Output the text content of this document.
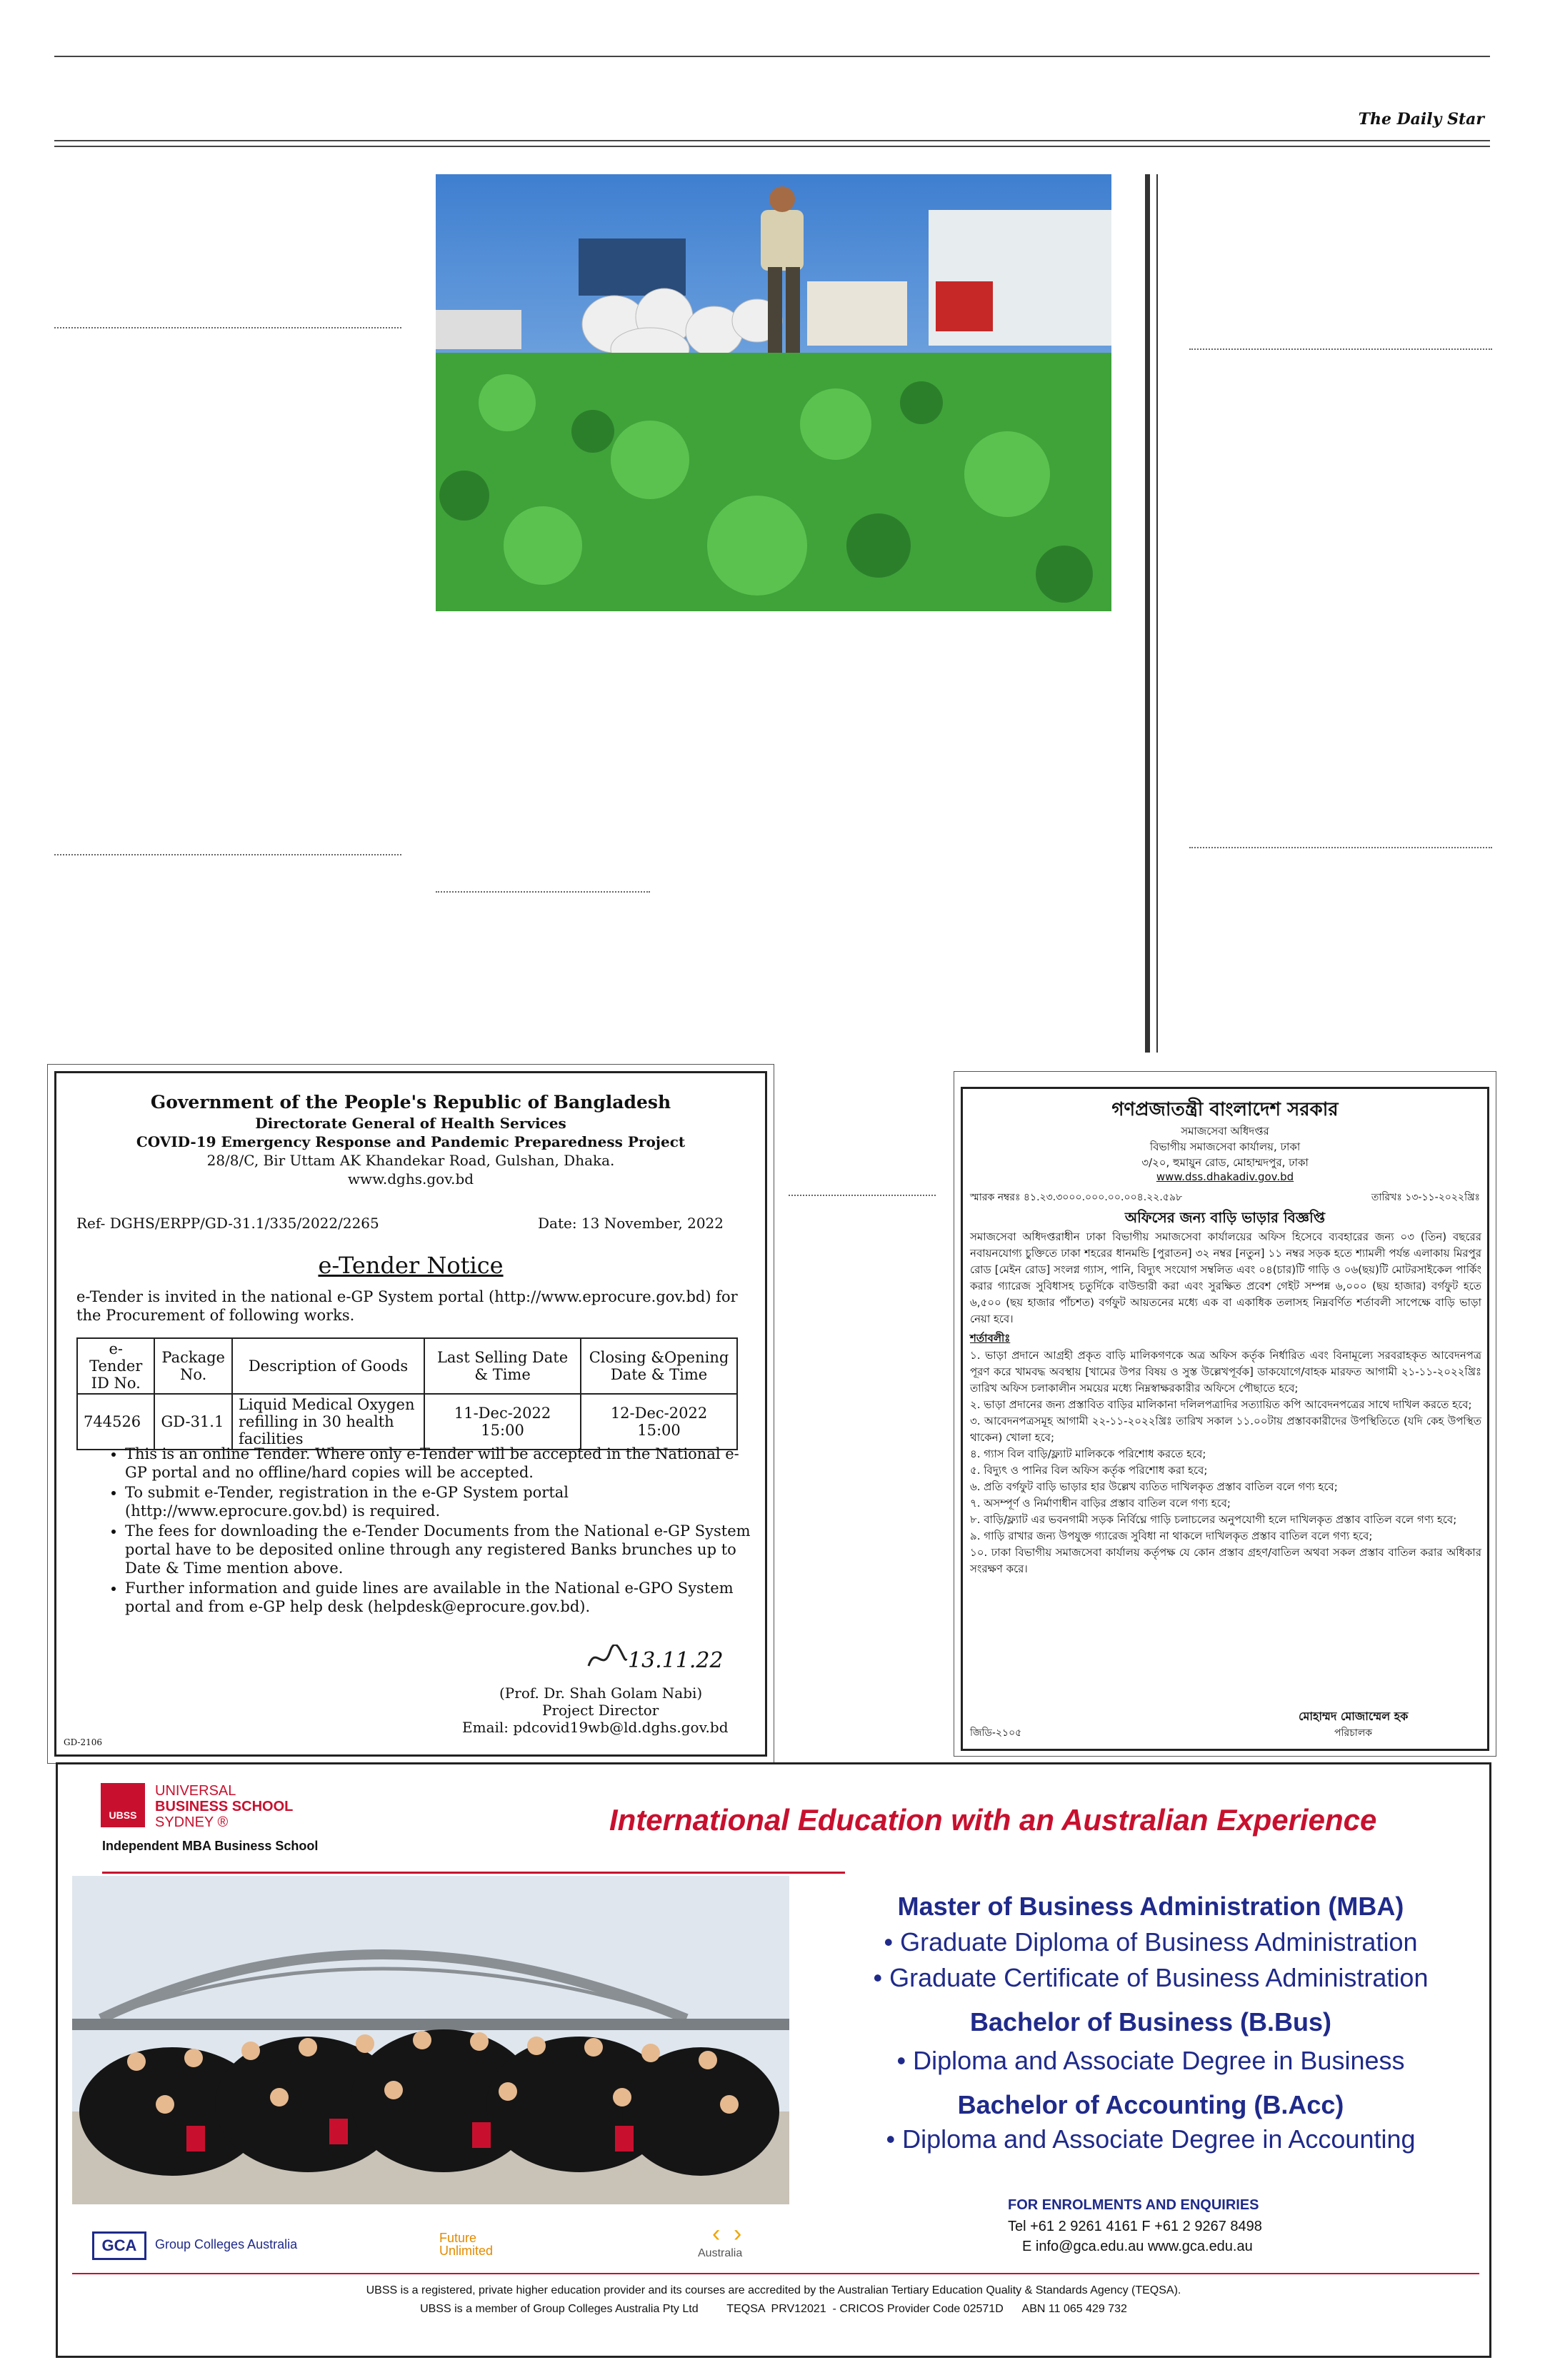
The Daily Star
Government of the People's Republic of Bangladesh
Directorate General of Health Services
COVID-19 Emergency Response and Pandemic Preparedness Project
28/8/C, Bir Uttam AK Khandekar Road, Gulshan, Dhaka.
www.dghs.gov.bd
Ref- DGHS/ERPP/GD-31.1/335/2022/2265	Date: 13 November, 2022
e-Tender Notice
e-Tender is invited in the national e-GP System portal (http://www.eprocure.gov.bd) for the Procurement of following works.
e-Tender ID No.	Package No.	Description of Goods	Last Selling Date & Time	Closing &Opening Date & Time
744526	GD-31.1	Liquid Medical Oxygen refilling in 30 health facilities	11-Dec-2022 15:00	12-Dec-2022 15:00
• This is an online Tender. Where only e-Tender will be accepted in the National e-GP portal and no offline/hard copies will be accepted.
• To submit e-Tender, registration in the e-GP System portal (http://www.eprocure.gov.bd) is required.
• The fees for downloading the e-Tender Documents from the National e-GP System portal have to be deposited online through any registered Banks brunches up to Date & Time mention above.
• Further information and guide lines are available in the National e-GPO System portal and from e-GP help desk (helpdesk@eprocure.gov.bd).
13.11.22
(Prof. Dr. Shah Golam Nabi)
Project Director
Email: pdcovid19wb@ld.dghs.gov.bd
GD-2106
গণপ্রজাতন্ত্রী বাংলাদেশ সরকার
সমাজসেবা অধিদপ্তর
বিভাগীয় সমাজসেবা কার্যালয়, ঢাকা
৩/২০, হুমায়ুন রোড, মোহাম্মদপুর, ঢাকা
www.dss.dhakadiv.gov.bd
স্মারক নম্বরঃ ৪১.২৩.৩০০০.০০০.০০.০০৪.২২.৫৯৮	তারিখঃ ১৩-১১-২০২২খ্রিঃ
অফিসের জন্য বাড়ি ভাড়ার বিজ্ঞপ্তি
সমাজসেবা অধিদপ্তরাধীন ঢাকা বিভাগীয় সমাজসেবা কার্যালয়ের অফিস হিসেবে ব্যবহারের জন্য ০৩ (তিন) বছরের নবায়নযোগ্য চুক্তিতে ঢাকা শহরের ধানমন্ডি [পুরাতন] ৩২ নম্বর [নতুন] ১১ নম্বর সড়ক হতে শ্যামলী পর্যন্ত এলাকায় মিরপুর রোড [মেইন রোড] সংলগ্ন গ্যাস, পানি, বিদ্যুৎ সংযোগ সম্বলিত এবং ০৪(চার)টি গাড়ি ও ০৬(ছয়)টি মোটরসাইকেল পার্কিং করার গ্যারেজ সুবিধাসহ চতুর্দিকে বাউন্ডারী করা এবং সুরক্ষিত প্রবেশ গেইট সম্পন্ন ৬,০০০ (ছয় হাজার) বর্গফুট হতে ৬,৫০০ (ছয় হাজার পাঁচশত) বর্গফুট আয়তনের মধ্যে এক বা একাধিক তলাসহ নিম্নবর্ণিত শর্তাবলী সাপেক্ষে বাড়ি ভাড়া নেয়া হবে।
শর্তাবলীঃ
১. ভাড়া প্রদানে আগ্রহী প্রকৃত বাড়ি মালিকগণকে অত্র অফিস কর্তৃক নির্ধারিত এবং বিনামূল্যে সরবরাহকৃত আবেদনপত্র পূরণ করে খামবদ্ধ অবস্থায় [খামের উপর বিষয় ও সুস্ত উল্লেখপূর্বক] ডাকযোগে/বাহক মারফত আগামী ২১-১১-২০২২খ্রিঃ তারিখ অফিস চলাকালীন সময়ের মধ্যে নিম্নস্বাক্ষরকারীর অফিসে পৌছাতে হবে;
২. ভাড়া প্রদানের জন্য প্রস্তাবিত বাড়ির মালিকানা দলিলপত্রাদির সত্যায়িত কপি আবেদনপত্রের সাথে দাখিল করতে হবে;
৩. আবেদনপত্রসমূহ আগামী ২২-১১-২০২২খ্রিঃ তারিখ সকাল ১১.০০টায় প্রস্তাবকারীদের উপস্থিতিতে (যদি কেহ উপস্থিত থাকেন) খোলা হবে;
৪. গ্যাস বিল বাড়ি/ফ্ল্যাট মালিককে পরিশোধ করতে হবে;
৫. বিদ্যুৎ ও পানির বিল অফিস কর্তৃক পরিশোধ করা হবে;
৬. প্রতি বর্গফুট বাড়ি ভাড়ার হার উল্লেখ ব্যতিত দাখিলকৃত প্রস্তাব বাতিল বলে গণ্য হবে;
৭. অসম্পূর্ণ ও নির্মাণাধীন বাড়ির প্রস্তাব বাতিল বলে গণ্য হবে;
৮. বাড়ি/ফ্ল্যাট এর ভবনগামী সড়ক নির্বিঘ্নে গাড়ি চলাচলের অনুপযোগী হলে দাখিলকৃত প্রস্তাব বাতিল বলে গণ্য হবে;
৯. গাড়ি রাখার জন্য উপযুক্ত গ্যারেজ সুবিধা না থাকলে দাখিলকৃত প্রস্তাব বাতিল বলে গণ্য হবে;
১০. ঢাকা বিভাগীয় সমাজসেবা কার্যালয় কর্তৃপক্ষ যে কোন প্রস্তাব গ্রহণ/বাতিল অথবা সকল প্রস্তাব বাতিল করার অধিকার সংরক্ষণ করে।
মোহাম্মদ মোজাম্মেল হক
পরিচালক
জিডি-২১০৫
UBSS
UNIVERSAL
BUSINESS SCHOOL
SYDNEY ®
Independent MBA Business School
International Education with an Australian Experience
Master of Business Administration (MBA)
• Graduate Diploma of Business Administration
• Graduate Certificate of Business Administration
Bachelor of Business (B.Bus)
• Diploma and Associate Degree in Business
Bachelor of Accounting (B.Acc)
• Diploma and Associate Degree in Accounting
FOR ENROLMENTS AND ENQUIRIES
Tel +61 2 9261 4161 F +61 2 9267 8498
E info@gca.edu.au www.gca.edu.au
GCA	Group Colleges Australia	Future
Unlimited
‹ ›
Australia
UBSS is a registered, private higher education provider and its courses are accredited by the Australian Tertiary Education Quality & Standards Agency (TEQSA).
UBSS is a member of Group Colleges Australia Pty Ltd         TEQSA  PRV12021  - CRICOS Provider Code 02571D      ABN 11 065 429 732
